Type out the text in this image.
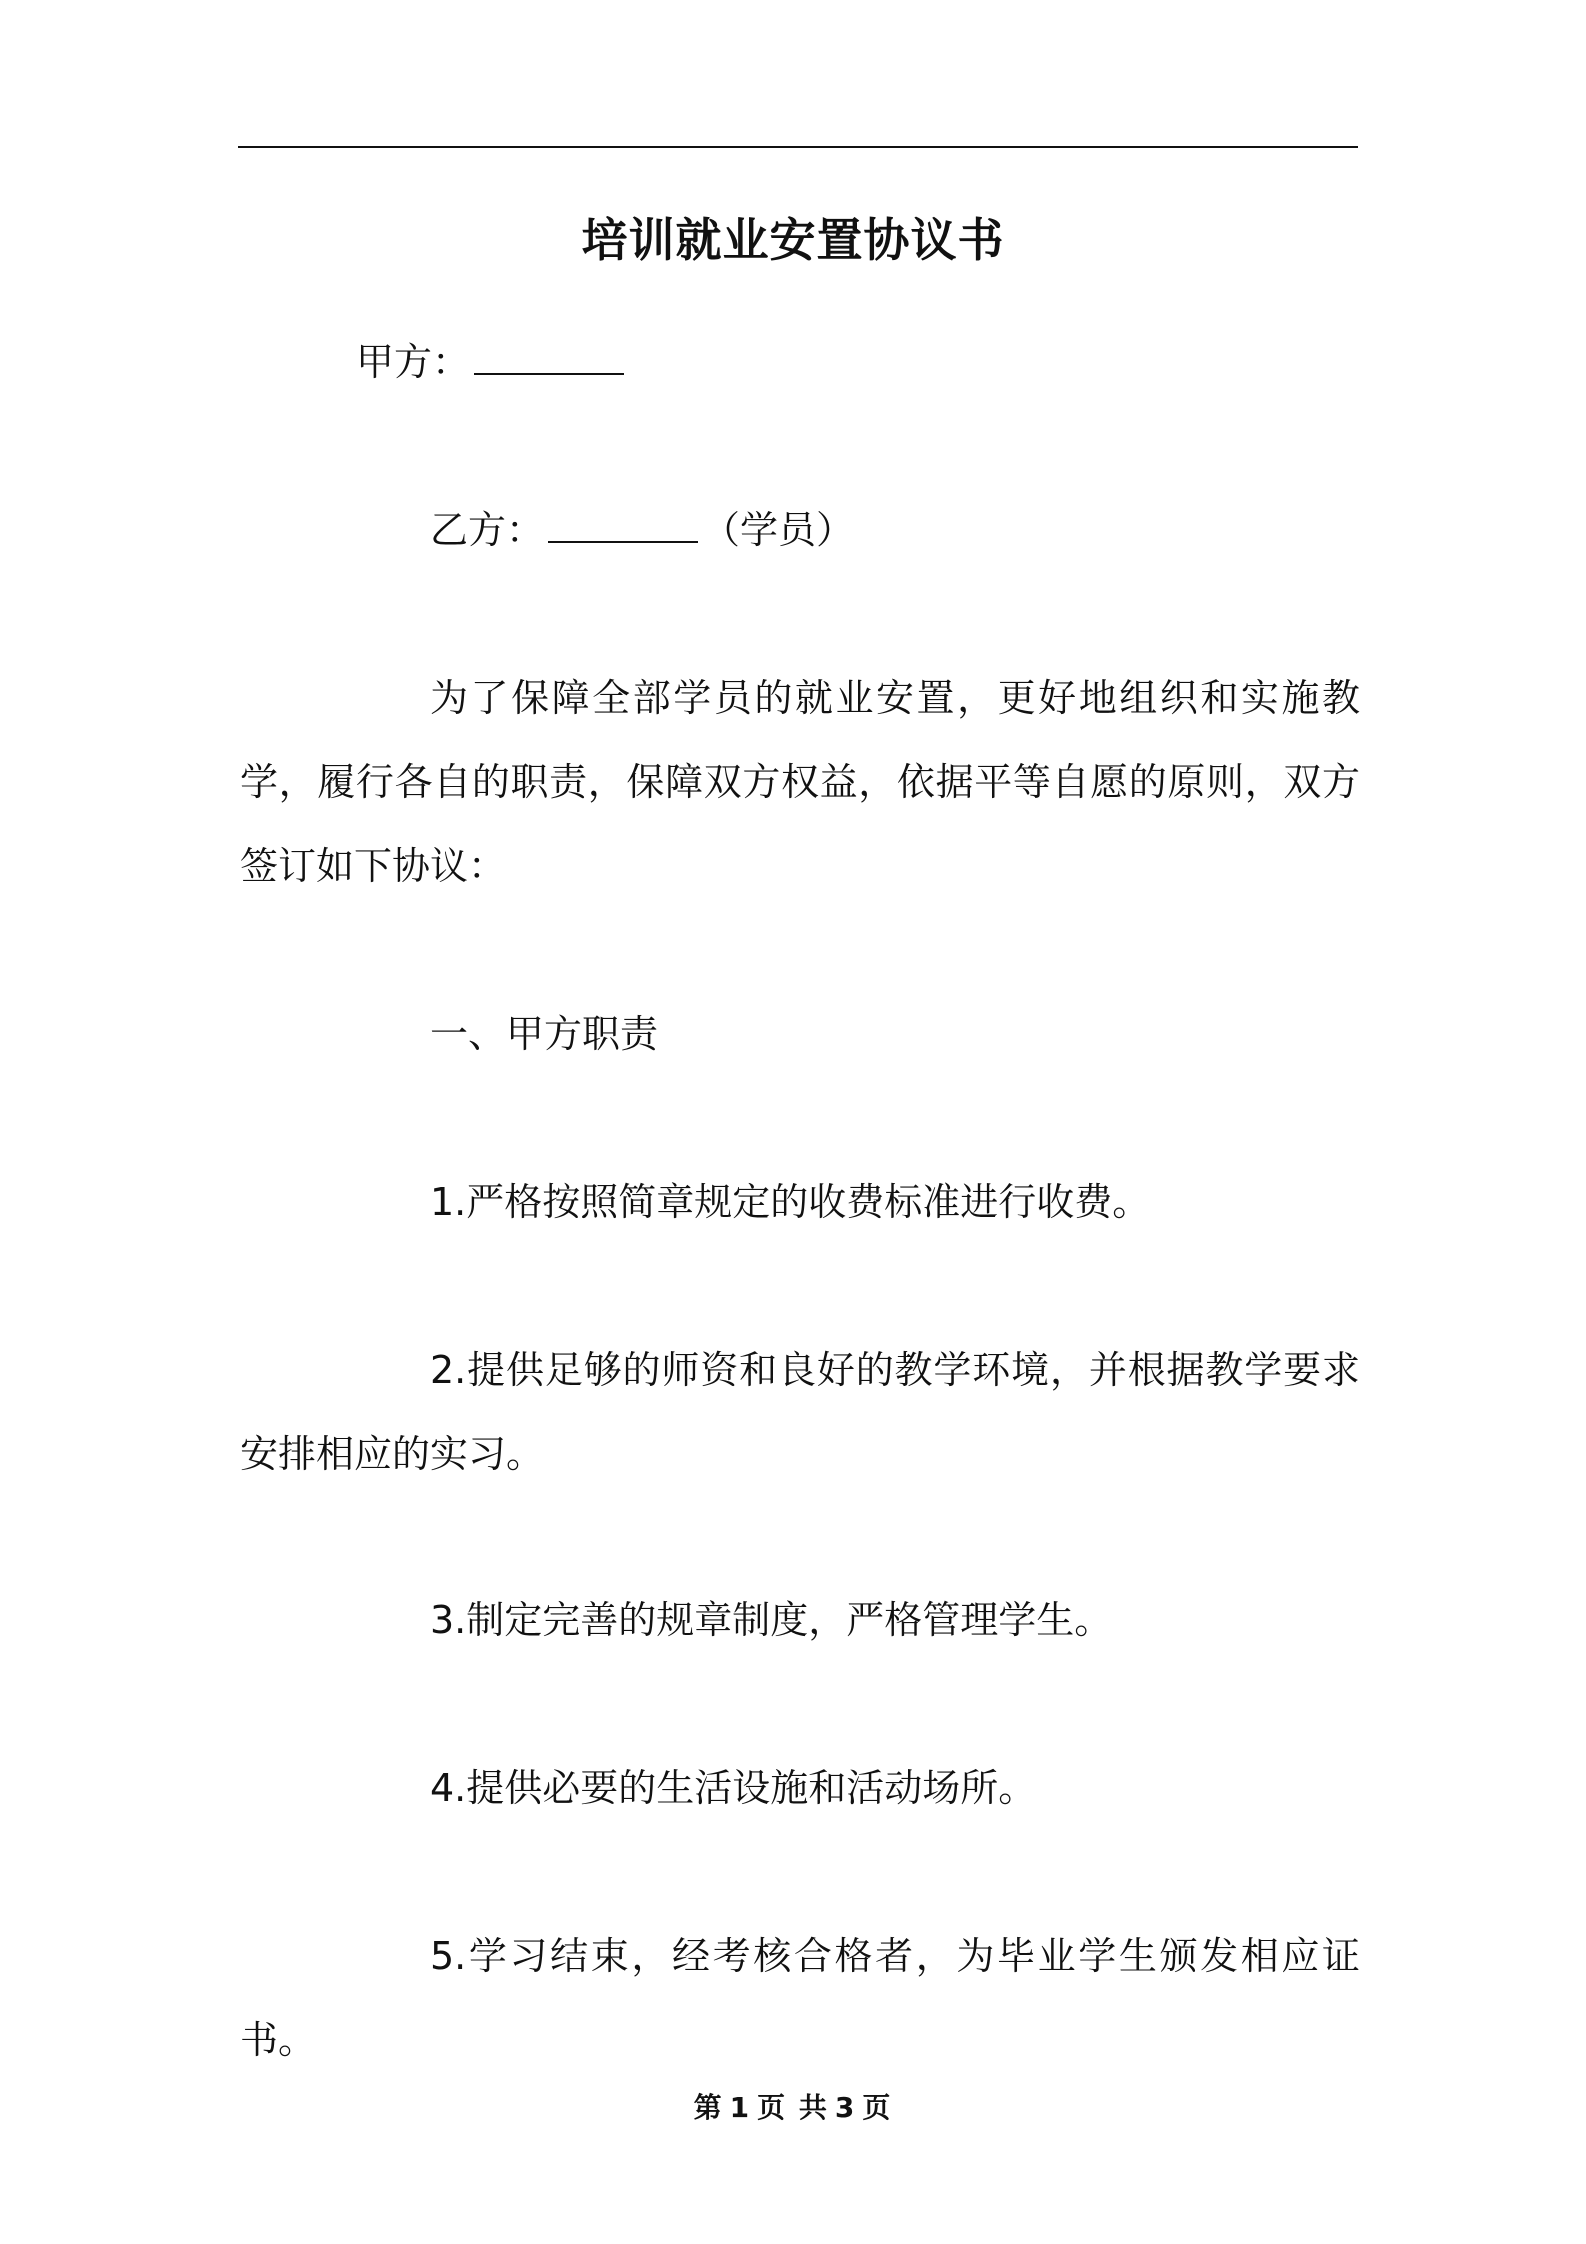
培训就业安置协议书
甲方：
乙方：	（学员）
为了保障全部学员的就业安置，更好地组织和实施教学，履行各自的职责，保障双方权益，依据平等自愿的原则，双方签订如下协议：
一、甲方职责
1.严格按照简章规定的收费标准进行收费。
2.提供足够的师资和良好的教学环境，并根据教学要求安排相应的实习。
3.制定完善的规章制度，严格管理学生。
4.提供必要的生活设施和活动场所。
5.学习结束，经考核合格者，为毕业学生颁发相应证书。
第 1 页 共 3 页
